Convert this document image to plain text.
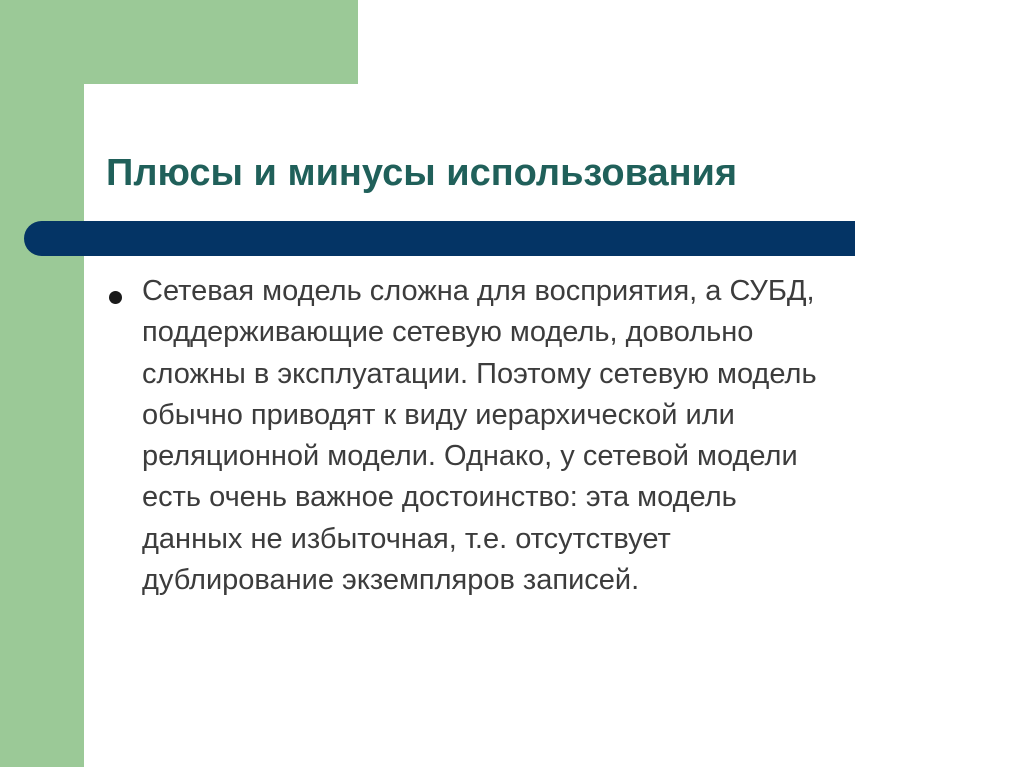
Плюсы и минусы использования

Сетевая модель сложна для восприятия, а СУБД,
поддерживающие сетевую модель, довольно
сложны в эксплуатации. Поэтому сетевую модель
обычно приводят к виду иерархической или
реляционной модели. Однако, у сетевой модели
есть очень важное достоинство: эта модель
данных не избыточная, т.е. отсутствует
дублирование экземпляров записей.
